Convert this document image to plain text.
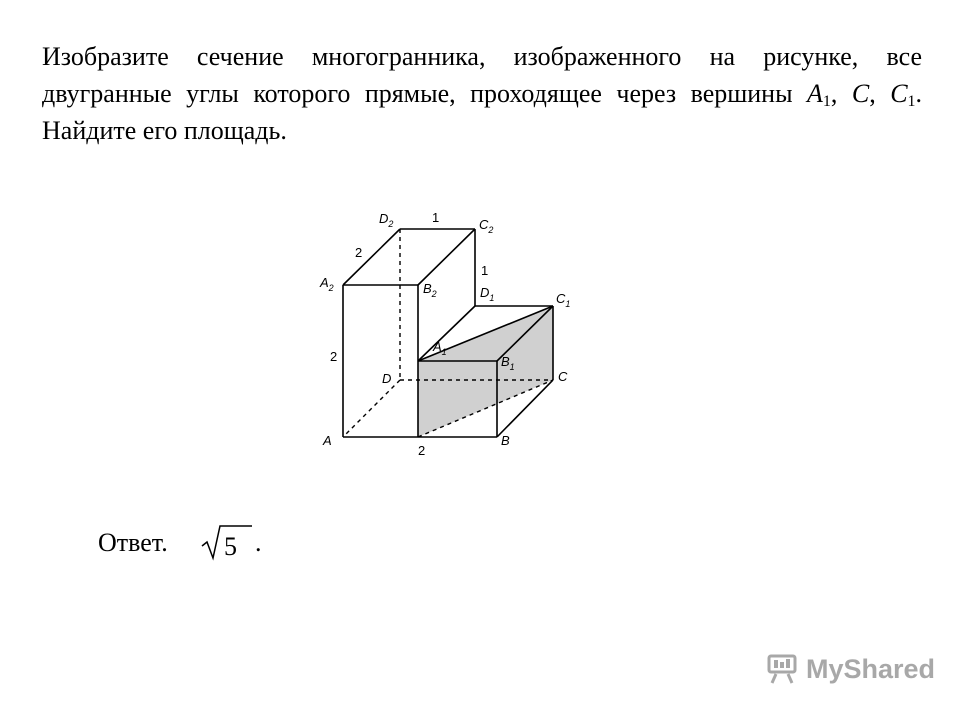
Изобразите сечение многогранника, изображенного на рисунке, все двугранные углы которого прямые, проходящее через вершины $A_1$, C, $C_1$. Найдите его площадь.

A	B
C
D
$A_1$
$B_1$
$C_1$
$D_1$
$A_2$	$B_2$
$C_2$
$D_2$	1
2
1
2
2
Ответ. 5 .
MyShared
